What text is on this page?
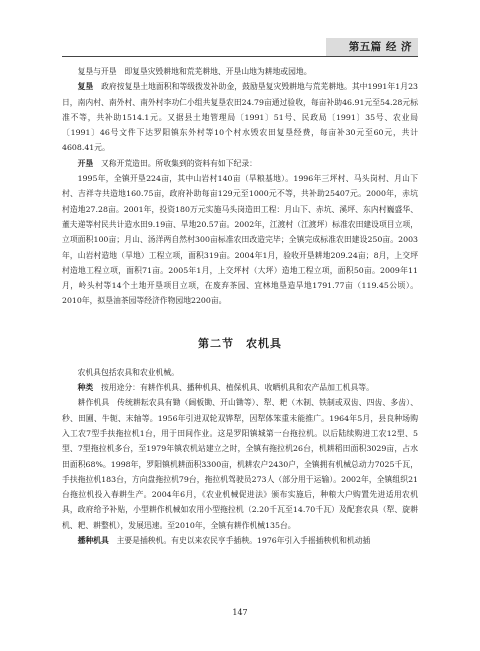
第五篇 经 济

复垦与开垦　即复垦灾毁耕地和荒芜耕地、开垦山地为耕地或园地。

复垦　政府按复垦土地面积和等级拨发补助金，鼓励垦复灾毁耕地与荒芜耕地。其中1991年1月23日，南内村、南外村、南外村李功仁小组共复垦农田24.79亩通过验收，每亩补助46.91元至54.28元标准不等，共补助1514.1元。又据县土地管理局〔1991〕51号、民政局〔1991〕35号、农业局〔1991〕46号文件下达罗阳镇东外村等10个村水毁农田复垦经费，每亩补30元至60元，共计4608.41元。

开垦　又称开荒造田。所收集到的资料有如下纪录：

1995年，全镇开垦224亩，其中山岩村140亩（旱粮基地）。1996年三坪村、马头岗村、月山下村、吉祥寺共造地160.75亩，政府补助每亩129元至1000元不等，共补助25407元。2000年，赤坑村造地27.28亩。2001年，投资180万元实施马头岗造田工程：月山下、赤坑、溪坪、东内村巍盛华、董夫递等村民共计造水田9.19亩、旱地20.57亩。2002年，江渡村（江渡坪）标准农田建设项目立项，立项面积100亩；月山、汤洋两自然村300亩标准农田改造完毕；全镇完成标准农田建设250亩。2003年，山岩村造地（旱地）工程立项，面积319亩。2004年1月，验收开垦耕地209.24亩；8月，上交坪村造地工程立项，面积71亩。2005年1月，上交坪村（大坪）造地工程立项，面积50亩。2009年11月，岭头村等14个土地开垦项目立项，在废弃茶园、宜林地垦造旱地1791.77亩（119.45公顷）。2010年，拟垦油茶园等经济作物园地2200亩。

第二节　农机具

农机具包括农具和农业机械。

种类　按用途分：有耕作机具、播种机具、植保机具、收晒机具和农产品加工机具等。

耕作机具　传统耕耘农具有锄（阔板锄、开山锄等）、犁、耙（木制、铁制或双齿、四齿、多齿）、秒、田圃、牛轭、末轴等。1956年引进双轮双铧犁，因犁体笨重未能推广。1964年5月，县良种场购入工农7型手扶拖拉机1台，用于田间作业。这是罗阳镇城第一台拖拉机。以后陆续购进工农12型、5型、7型拖拉机多台，至1979年镇农机站建立之时，全镇有拖拉机26台，机耕稻田面积3029亩，占水田面积68%。1998年，罗阳镇机耕面积3300亩，机耕农户2430户，全镇拥有机械总动力7025千瓦，手扶拖拉机183台，方向盘拖拉机79台，拖拉机驾驶员273人（部分用于运输）。2002年，全镇组织21台拖拉机投入春耕生产。2004年6月，《农业机械促进法》颁布实施后，种粮大户购置先进适用农机具，政府给予补贴，小型耕作机械如农用小型拖拉机（2.20千瓦至14.70千瓦）及配套农具（犁、旋耕机、耙、耕整机），发展迅速。至2010年，全镇有耕作机械135台。

播种机具　主要是插秧机。有史以来农民亨手插秧。1976年引入手摇插秧机和机动插

147
